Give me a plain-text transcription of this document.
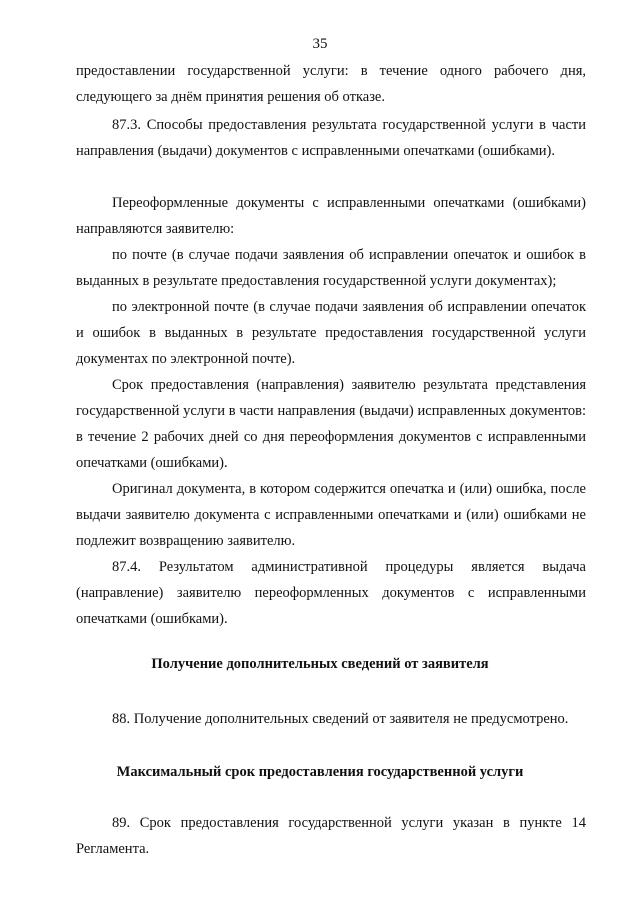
35

предоставлении государственной услуги: в течение одного рабочего дня, следующего за днём принятия решения об отказе.

87.3. Способы предоставления результата государственной услуги в части направления (выдачи) документов с исправленными опечатками (ошибками).

Переоформленные документы с исправленными опечатками (ошибками) направляются заявителю:

по почте (в случае подачи заявления об исправлении опечаток и ошибок в выданных в результате предоставления государственной услуги документах);

по электронной почте (в случае подачи заявления об исправлении опечаток и ошибок в выданных в результате предоставления государственной услуги документах по электронной почте).

Срок предоставления (направления) заявителю результата представления государственной услуги в части направления (выдачи) исправленных документов: в течение 2 рабочих дней со дня переоформления документов с исправленными опечатками (ошибками).

Оригинал документа, в котором содержится опечатка и (или) ошибка, после выдачи заявителю документа с исправленными опечатками и (или) ошибками не подлежит возвращению заявителю.

87.4. Результатом административной процедуры является выдача (направление) заявителю переоформленных документов с исправленными опечатками (ошибками).

Получение дополнительных сведений от заявителя

88. Получение дополнительных сведений от заявителя не предусмотрено.

Максимальный срок предоставления государственной услуги

89. Срок предоставления государственной услуги указан в пункте 14 Регламента.
